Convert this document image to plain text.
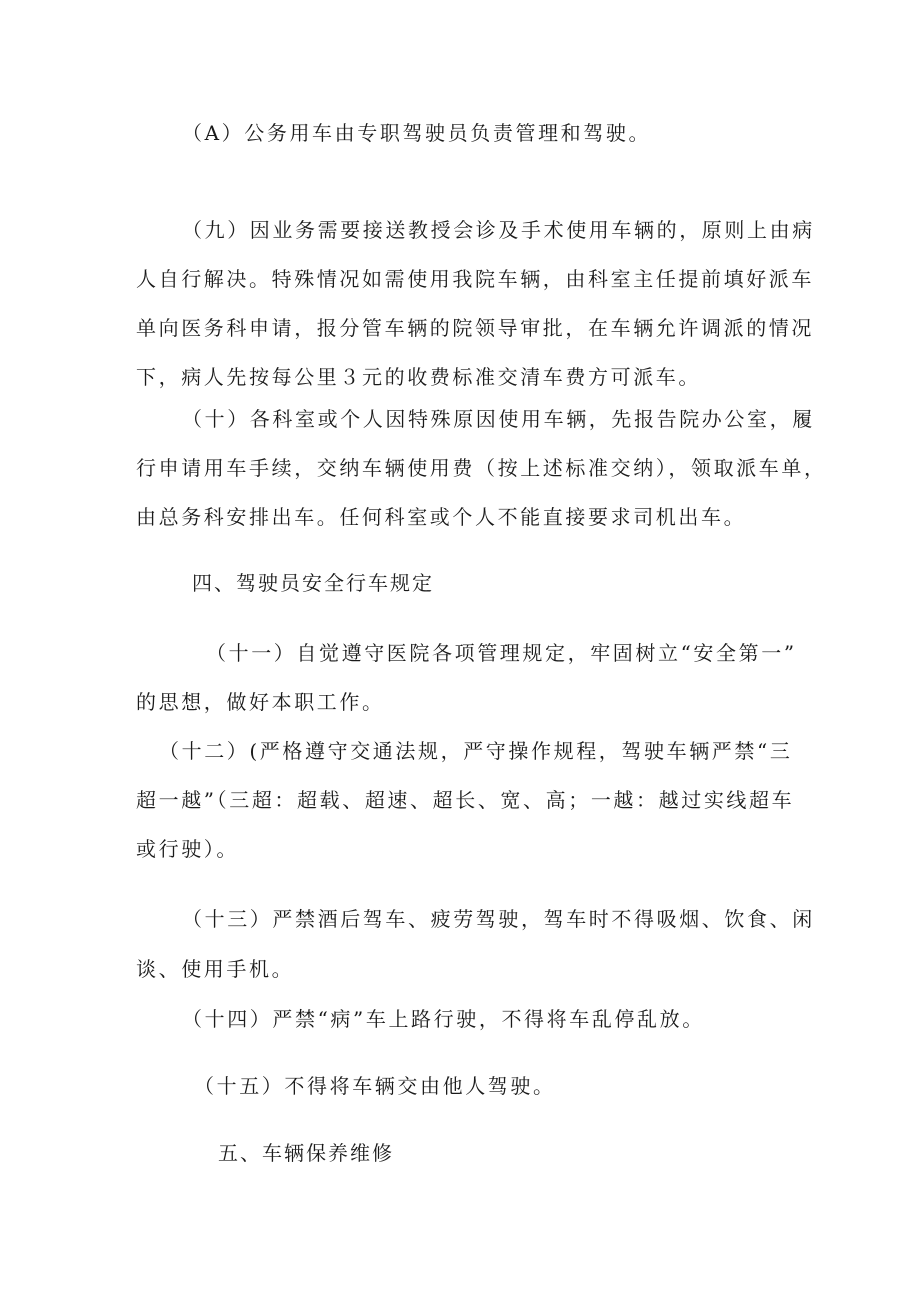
（A）公务用车由专职驾驶员负责管理和驾驶。
（九）因业务需要接送教授会诊及手术使用车辆的，原则上由病
人自行解决。特殊情况如需使用我院车辆，由科室主任提前填好派车
单向医务科申请，报分管车辆的院领导审批，在车辆允许调派的情况
下，病人先按每公里３元的收费标准交清车费方可派车。
（十）各科室或个人因特殊原因使用车辆，先报告院办公室，履
行申请用车手续，交纳车辆使用费（按上述标准交纳），领取派车单，
由总务科安排出车。任何科室或个人不能直接要求司机出车。
四、驾驶员安全行车规定
（十一）自觉遵守医院各项管理规定，牢固树立“安全第一”
的思想，做好本职工作。
（十二）(严格遵守交通法规，严守操作规程，驾驶车辆严禁“三
超一越”（三超：超载、超速、超长、宽、高；一越：越过实线超车
或行驶）。
（十三）严禁酒后驾车、疲劳驾驶，驾车时不得吸烟、饮食、闲
谈、使用手机。
（十四）严禁“病”车上路行驶，不得将车乱停乱放。
（十五）不得将车辆交由他人驾驶。
五、车辆保养维修
